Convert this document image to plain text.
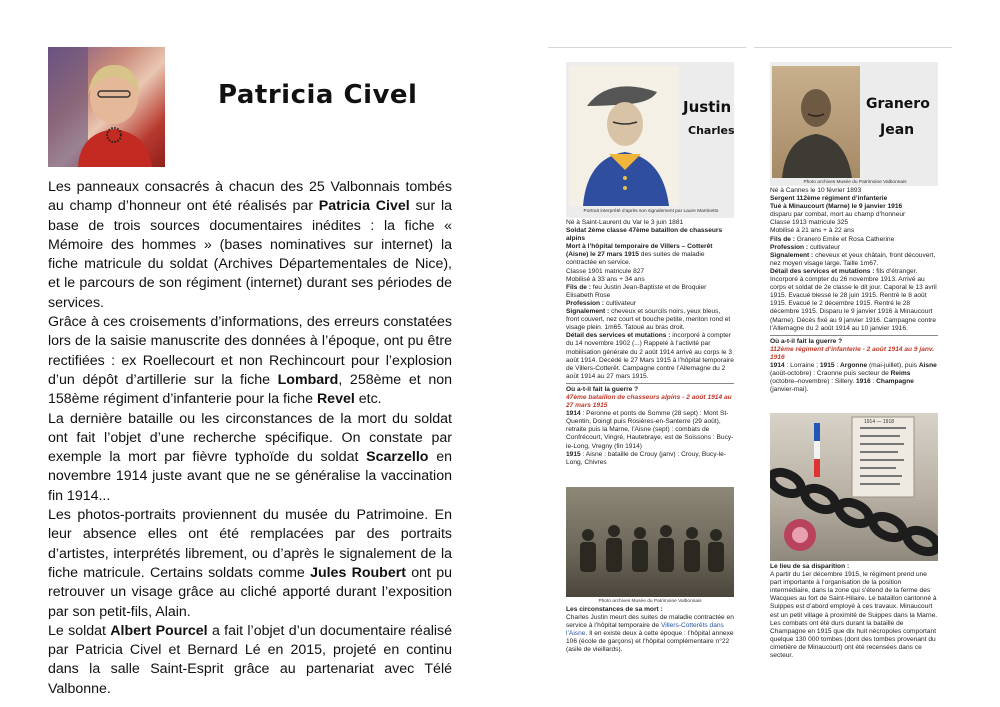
Patricia Civel

Les panneaux consacrés à chacun des 25 Valbonnais tombés au champ d’honneur ont été réalisés par Patricia Civel sur la base de trois sources documentaires inédites : la fiche « Mémoire des hommes » (bases nominatives sur internet) la fiche matricule du soldat (Archives Départementales de Nice), et le parcours de son régiment (internet) durant ses périodes de services.

Grâce à ces croisements d’informations, des erreurs constatées lors de la saisie manuscrite des données à l’époque, ont pu être rectifiées : ex Roellecourt et non Rechincourt pour l’explosion d’un dépôt d’artillerie sur la fiche Lombard, 258ème et non 158ème régiment d’infanterie pour la fiche Revel etc.

La dernière bataille ou les circonstances de la mort du soldat ont fait l’objet d’une recherche spécifique. On constate par exemple la mort par fièvre typhoïde du soldat Scarzello en novembre 1914 juste avant que ne se généralise la vaccination fin 1914...

Les photos-portraits proviennent du musée du Patrimoine. En leur absence elles ont été remplacées par des portraits d’artistes, interprétés librement, ou d’après le signalement de la fiche matricule. Certains soldats comme Jules Roubert ont pu retrouver un visage grâce au cliché apporté durant l’exposition par son petit-fils, Alain.

Le soldat Albert Pourcel a fait l’objet d’un documentaire réalisé par Patricia Civel et Bernard Lé en 2015, projeté en continu dans la salle Saint-Esprit grâce au partenariat avec Télé Valbonne.

Justin
Charles
Portrait interprété d’après son signalement par Laure Martinetto

Né à Saint-Laurent du Var le 3 juin 1881

Soldat 2ème classe 47ème bataillon de chasseurs alpins

Mort à l’hôpital temporaire de Villers – Cotterêt (Aisne) le 27 mars 1915 des suites de maladie contractée en service.

Classe 1901 matricule 827

Mobilisé à 33 ans + 34 ans

Fils de : feu Justin Jean-Baptiste et de Broquier Elisabeth Rose

Profession : cultivateur

Signalement : cheveux et sourcils noirs, yeux bleus, front couvert, nez court et bouche petite, menton rond et visage plein. 1m65. Tatoué au bras droit.

Détail des services et mutations : incorporé à compter du 14 novembre 1902 (...) Rappelé à l’activité par mobilisation générale du 2 août 1914 arrivé au corps le 3 août 1914. Décédé le 27 Mars 1915 à l’hôpital temporaire de Villers-Cotterêt. Campagne contre l’Allemagne du 2 août 1914 au 27 mars 1915.

Où a-t-il fait la guerre ?

47ème bataillon de chasseurs alpins - 2 août 1914 au 27 mars 1915

1914 : Peronne et ponts de Somme (28 sept) : Mont St-Quentin, Doingt puis Rosières-en-Santerre (29 août), retraite puis la Marne, l’Aisne (sept) : combats de Confrécourt, Vingré, Hautebraye, est de Soissons : Bucy-le-Long, Vregny (fin 1914)

1915 : Aisne : bataille de Crouy (janv) : Crouy, Bucy-le-Long, Chivres

Photo archives Musée du Patrimoine Valbonnais

Les circonstances de sa mort :

Charles Justin meurt des suites de maladie contractée en service à l’hôpital temporaire de Villers-Cotterêts dans l’Aisne. Il en existe deux à cette époque : l’hôpital annexe 106 (école de garçons) et l’hôpital complémentaire n°22 (asile de vieillards).

Granero
Jean
Photo archives Musée du Patrimoine Valbonnais

Né à Cannes le 10 février 1893

Sergent 112ème régiment d’infanterie

Tué à Minaucourt (Marne) le 9 janvier 1916

disparu par combat, mort au champ d’honneur

Classe 1913 matricule 325

Mobilisé à 21 ans + à 22 ans

Fils de : Granero Emile et Rosa Catherine

Profession : cultivateur

Signalement : cheveux et yeux châtain, front découvert, nez moyen visage large. Taille 1m67.

Détail des services et mutations : fils d’étranger. Incorporé à compter du 26 novembre 1913. Arrivé au corps et soldat de 2e classe le dit jour. Caporal le 13 avril 1915. Evacué blessé le 28 juin 1915. Rentré le 8 août 1915. Evacué le 2 décembre 1915. Rentré le 28 décembre 1915. Disparu le 9 janvier 1916 à Minaucourt (Marne). Décès fixé au 9 janvier 1916. Campagne contre l’Allemagne du 2 août 1914 au 10 janvier 1916.

Où a-t-il fait la guerre ?

112ème régiment d’infanterie - 2 août 1914 au 9 janv. 1916

1914 : Lorraine ; 1915 : Argonne (mai-juillet), puis Aisne (août-octobre) : Craonne puis secteur de Reims (octobre–novembre) : Sillery. 1916 : Champagne (janvier-mai).

1914 — 1918

Le lieu de sa disparition :

A partir du 1er décembre 1915, le régiment prend une part importante à l’organisation de la position intermédiaire, dans la zone qui s’étend de la ferme des Wacques au fort de Saint-Hilaire. Le bataillon cantonné à Suippes est d’abord employé à ces travaux. Minaucourt est un petit village à proximité de Suippes dans la Marne. Les combats ont été durs durant la bataille de Champagne en 1915 que dix huit nécropoles comportant quelque 130 000 tombes (dont des tombes provenant du cimetière de Minaucourt) ont été recensées dans ce secteur.
